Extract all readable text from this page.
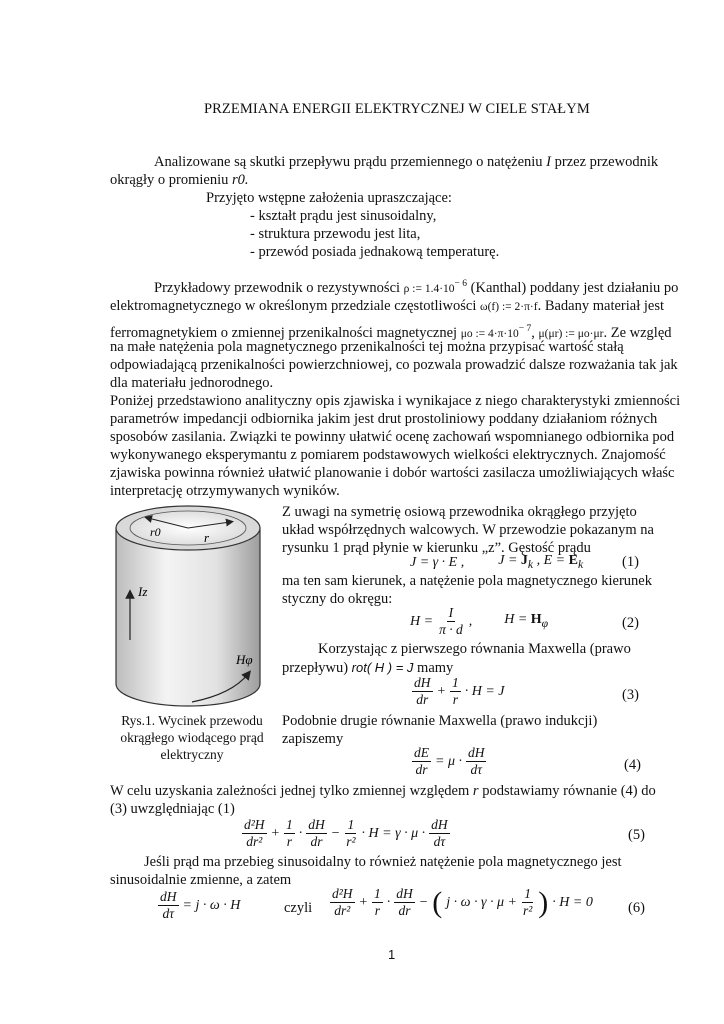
PRZEMIANA ENERGII ELEKTRYCZNEJ W CIELE STAŁYM
Analizowane są skutki przepływu prądu przemiennego o natężeniu I przez przewodnik
okrągły o promieniu r0.
Przyjęto wstępne założenia upraszczające:
- kształt prądu jest sinusoidalny,
- struktura przewodu jest lita,
- przewód posiada jednakową temperaturę.
Przykładowy przewodnik o rezystywności ρ := $1.4\cdot 10^{- 6}$ (Kanthal) poddany jest działaniu po
elektromagnetycznego w określonym przedziale częstotliwości ω(f) := 2·π·f. Badany materiał jest
ferromagnetykiem o zmiennej przenikalności magnetycznej μo := $4\cdot\pi\cdot 10^{- 7}$, μ(μr) := μo·μr. Ze względ
na małe natężenia pola magnetycznego przenikalności tej można przypisać wartość stałą
odpowiadającą przenikalności powierzchniowej, co pozwala prowadzić dalsze rozważania tak jak
dla materiału jednorodnego.
Poniżej przedstawiono analityczny opis zjawiska i wynikajace z niego charakterystyki zmienności
parametrów impedancji odbiornika jakim jest drut prostoliniowy poddany działaniom różnych
sposobów zasilania. Związki te powinny ułatwić ocenę zachowań wspomnianego odbiornika pod
wykonywanego eksperymantu z pomiarem podstawowych wielkości elektrycznych. Znajomość
zjawiska powinna również ułatwić planowanie i dobór wartości zasilacza umożliwiających właśc
interpretację otrzymywanych wyników.
r0	r
Iz
Hφ
Rys.1. Wycinek przewodu okrągłego wiodącego prąd elektryczny
Z uwagi na symetrię osiową przewodnika okrągłego przyjęto
układ współrzędnych walcowych. W przewodzie pokazanym na
rysunku 1 prąd płynie w kierunku „z”. Gęstość prądu
J = γ · E , $J = J_k$ , $E = E_k$	(1)
ma ten sam kierunek, a natężenie pola magnetycznego kierunek
styczny do okręgu:
$H = \frac{I}{\pi \cdot d}$ , $H = H_\varphi$	(2)
Korzystając z pierwszego równania Maxwella (prawo
przepływu) rot( H ) = J mamy
$\frac{dH}{dr} + \frac{1}{r} \cdot H = J$	(3)
Podobnie drugie równanie Maxwella (prawo indukcji)
zapiszemy
$\frac{dE}{dr} = \mu \cdot \frac{dH}{d\tau}$	(4)
W celu uzyskania zależności jednej tylko zmiennej względem r podstawiamy równanie (4) do
(3) uwzględniając (1)
$\frac{\text{d²H}}{\text{dr²}} + \frac{1}{r} \cdot \frac{dH}{dr} - \frac{1}{\text{r²}} \cdot H = \gamma \cdot \mu \cdot \frac{dH}{d\tau}$	(5)
Jeśli prąd ma przebieg sinusoidalny to również natężenie pola magnetycznego jest
sinusoidalnie zmienne, a zatem
$\frac{dH}{d\tau} = j \cdot \omega \cdot H$	czyli $\frac{\text{d²H}}{\text{dr²}} + \frac{1}{r} \cdot \frac{dH}{dr}$ − ( $j \cdot \omega \cdot \gamma \cdot \mu + \frac{1}{\text{r²}}$ ) · H = 0 (6)
1
